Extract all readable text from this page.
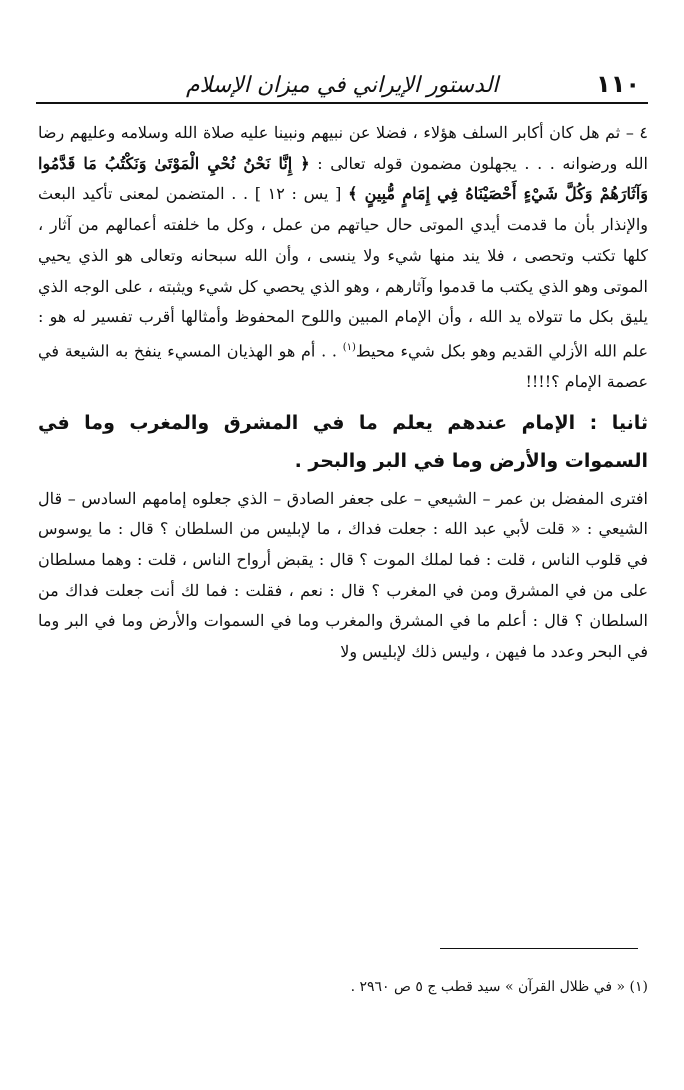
الدستور الإيراني في ميزان الإسلام	١١٠

٤ – ثم هل كان أكابر السلف هؤلاء ، فضلا عن نبيهم ونبينا عليه صلاة الله وسلامه وعليهم رضا الله ورضوانه . . . يجهلون مضمون قوله تعالى : ﴿ إِنَّا نَحْنُ نُحْيِ الْمَوْتَىٰ وَنَكْتُبُ مَا قَدَّمُوا وَآثَارَهُمْ وَكُلَّ شَيْءٍ أَحْصَيْنَاهُ فِي إِمَامٍ مُّبِينٍ ﴾ [ يس : ١٢ ] . . المتضمن لمعنى تأكيد البعث والإنذار بأن ما قدمت أيدي الموتى حال حياتهم من عمل ، وكل ما خلفته أعمالهم من آثار ، كلها تكتب وتحصى ، فلا يند منها شيء ولا ينسى ، وأن الله سبحانه وتعالى هو الذي يحيي الموتى وهو الذي يكتب ما قدموا وآثارهم ، وهو الذي يحصي كل شيء ويثبته ، على الوجه الذي يليق بكل ما تتولاه يد الله ، وأن الإمام المبين واللوح المحفوظ وأمثالها أقرب تفسير له هو : علم الله الأزلي القديم وهو بكل شيء محيط$^{(١)}$ . . أم هو الهذيان المسيء ينفخ به الشيعة في عصمة الإمام ؟!!!!

ثانيا : الإمام عندهم يعلم ما في المشرق والمغرب وما في السموات والأرض وما في البر والبحر .

افترى المفضل بن عمر – الشيعي – على جعفر الصادق – الذي جعلوه إمامهم السادس – قال الشيعي : « قلت لأبي عبد الله : جعلت فداك ، ما لإبليس من السلطان ؟ قال : ما يوسوس في قلوب الناس ، قلت : فما لملك الموت ؟ قال : يقبض أرواح الناس ، قلت : وهما مسلطان على من في المشرق ومن في المغرب ؟ قال : نعم ، فقلت : فما لك أنت جعلت فداك من السلطان ؟ قال : أعلم ما في المشرق والمغرب وما في السموات والأرض وما في البر وما في البحر وعدد ما فيهن ، وليس ذلك لإبليس ولا

(١) « في ظلال القرآن » سيد قطب ج ٥ ص ٢٩٦٠ .
